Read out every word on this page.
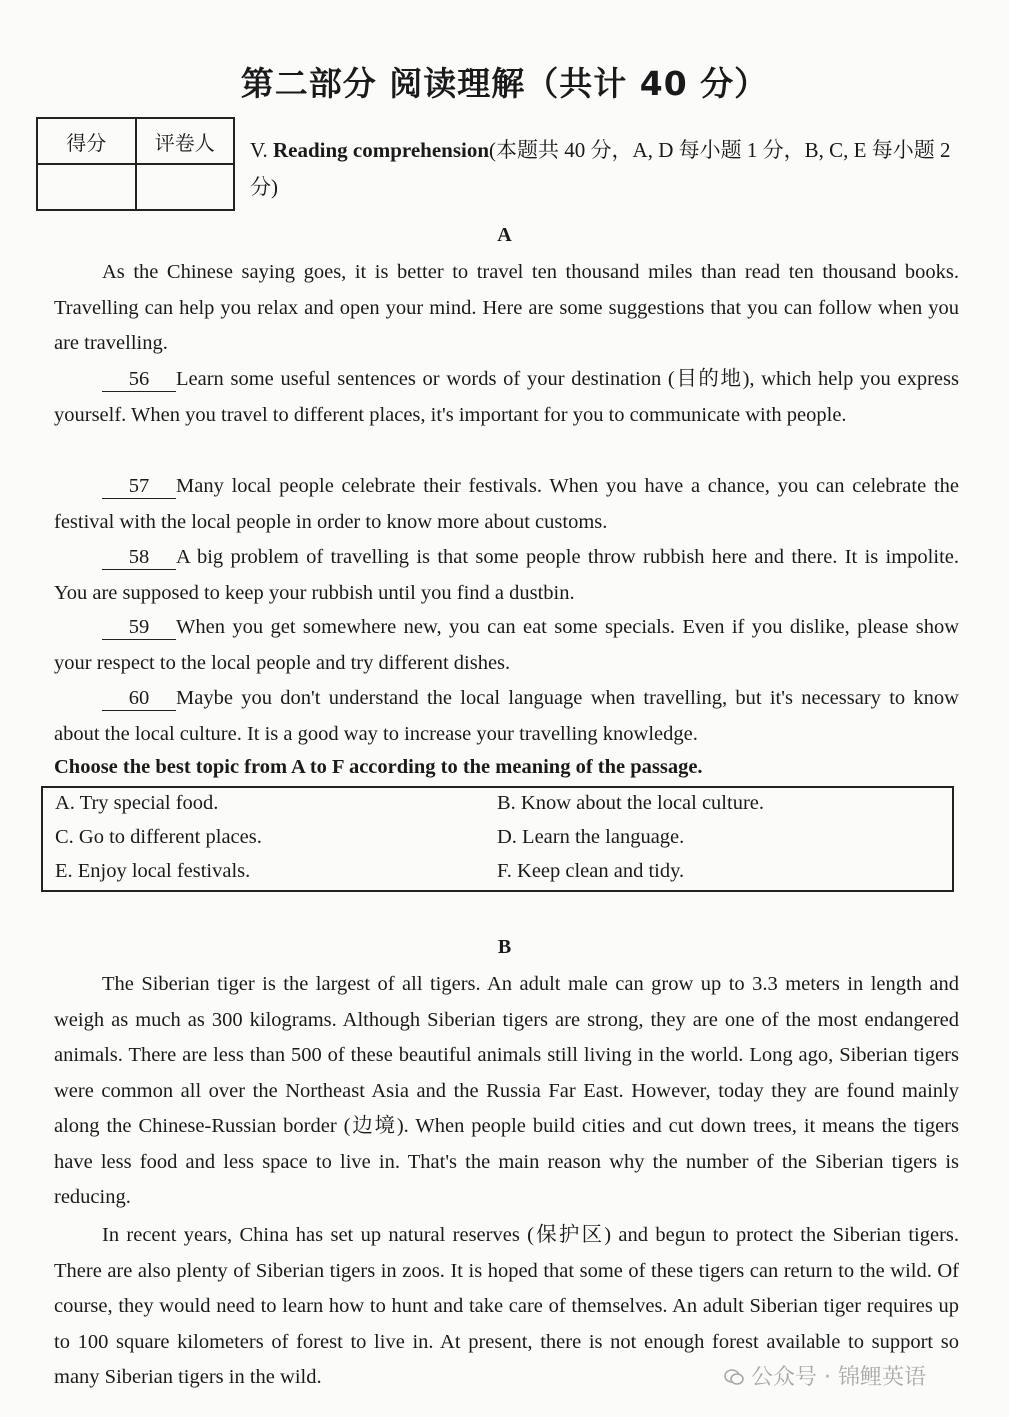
第二部分 阅读理解（共计 40 分）
得分	评卷人
	V. Reading comprehension(本题共 40 分，A, D 每小题 1 分，B, C, E 每小题 2 分)
A

As the Chinese saying goes, it is better to travel ten thousand miles than read ten thousand books. Travelling can help you relax and open your mind. Here are some suggestions that you can follow when you are travelling.

56 Learn some useful sentences or words of your destination (目的地), which help you express yourself. When you travel to different places, it's important for you to communicate with people.

57 Many local people celebrate their festivals. When you have a chance, you can celebrate the festival with the local people in order to know more about customs.

58 A big problem of travelling is that some people throw rubbish here and there. It is impolite. You are supposed to keep your rubbish until you find a dustbin.

59 When you get somewhere new, you can eat some specials. Even if you dislike, please show your respect to the local people and try different dishes.

60 Maybe you don't understand the local language when travelling, but it's necessary to know about the local culture. It is a good way to increase your travelling knowledge.

Choose the best topic from A to F according to the meaning of the passage.
A. Try special food.	B. Know about the local culture.
C. Go to different places.	D. Learn the language.
E. Enjoy local festivals.	F. Keep clean and tidy.
B

The Siberian tiger is the largest of all tigers. An adult male can grow up to 3.3 meters in length and weigh as much as 300 kilograms. Although Siberian tigers are strong, they are one of the most endangered animals. There are less than 500 of these beautiful animals still living in the world. Long ago, Siberian tigers were common all over the Northeast Asia and the Russia Far East. However, today they are found mainly along the Chinese-Russian border (边境). When people build cities and cut down trees, it means the tigers have less food and less space to live in. That's the main reason why the number of the Siberian tigers is reducing.

In recent years, China has set up natural reserves (保护区) and begun to protect the Siberian tigers. There are also plenty of Siberian tigers in zoos. It is hoped that some of these tigers can return to the wild. Of course, they would need to learn how to hunt and take care of themselves. An adult Siberian tiger requires up to 100 square kilometers of forest to live in. At present, there is not enough forest available to support so many Siberian tigers in the wild.	公众号 · 锦鲤英语
